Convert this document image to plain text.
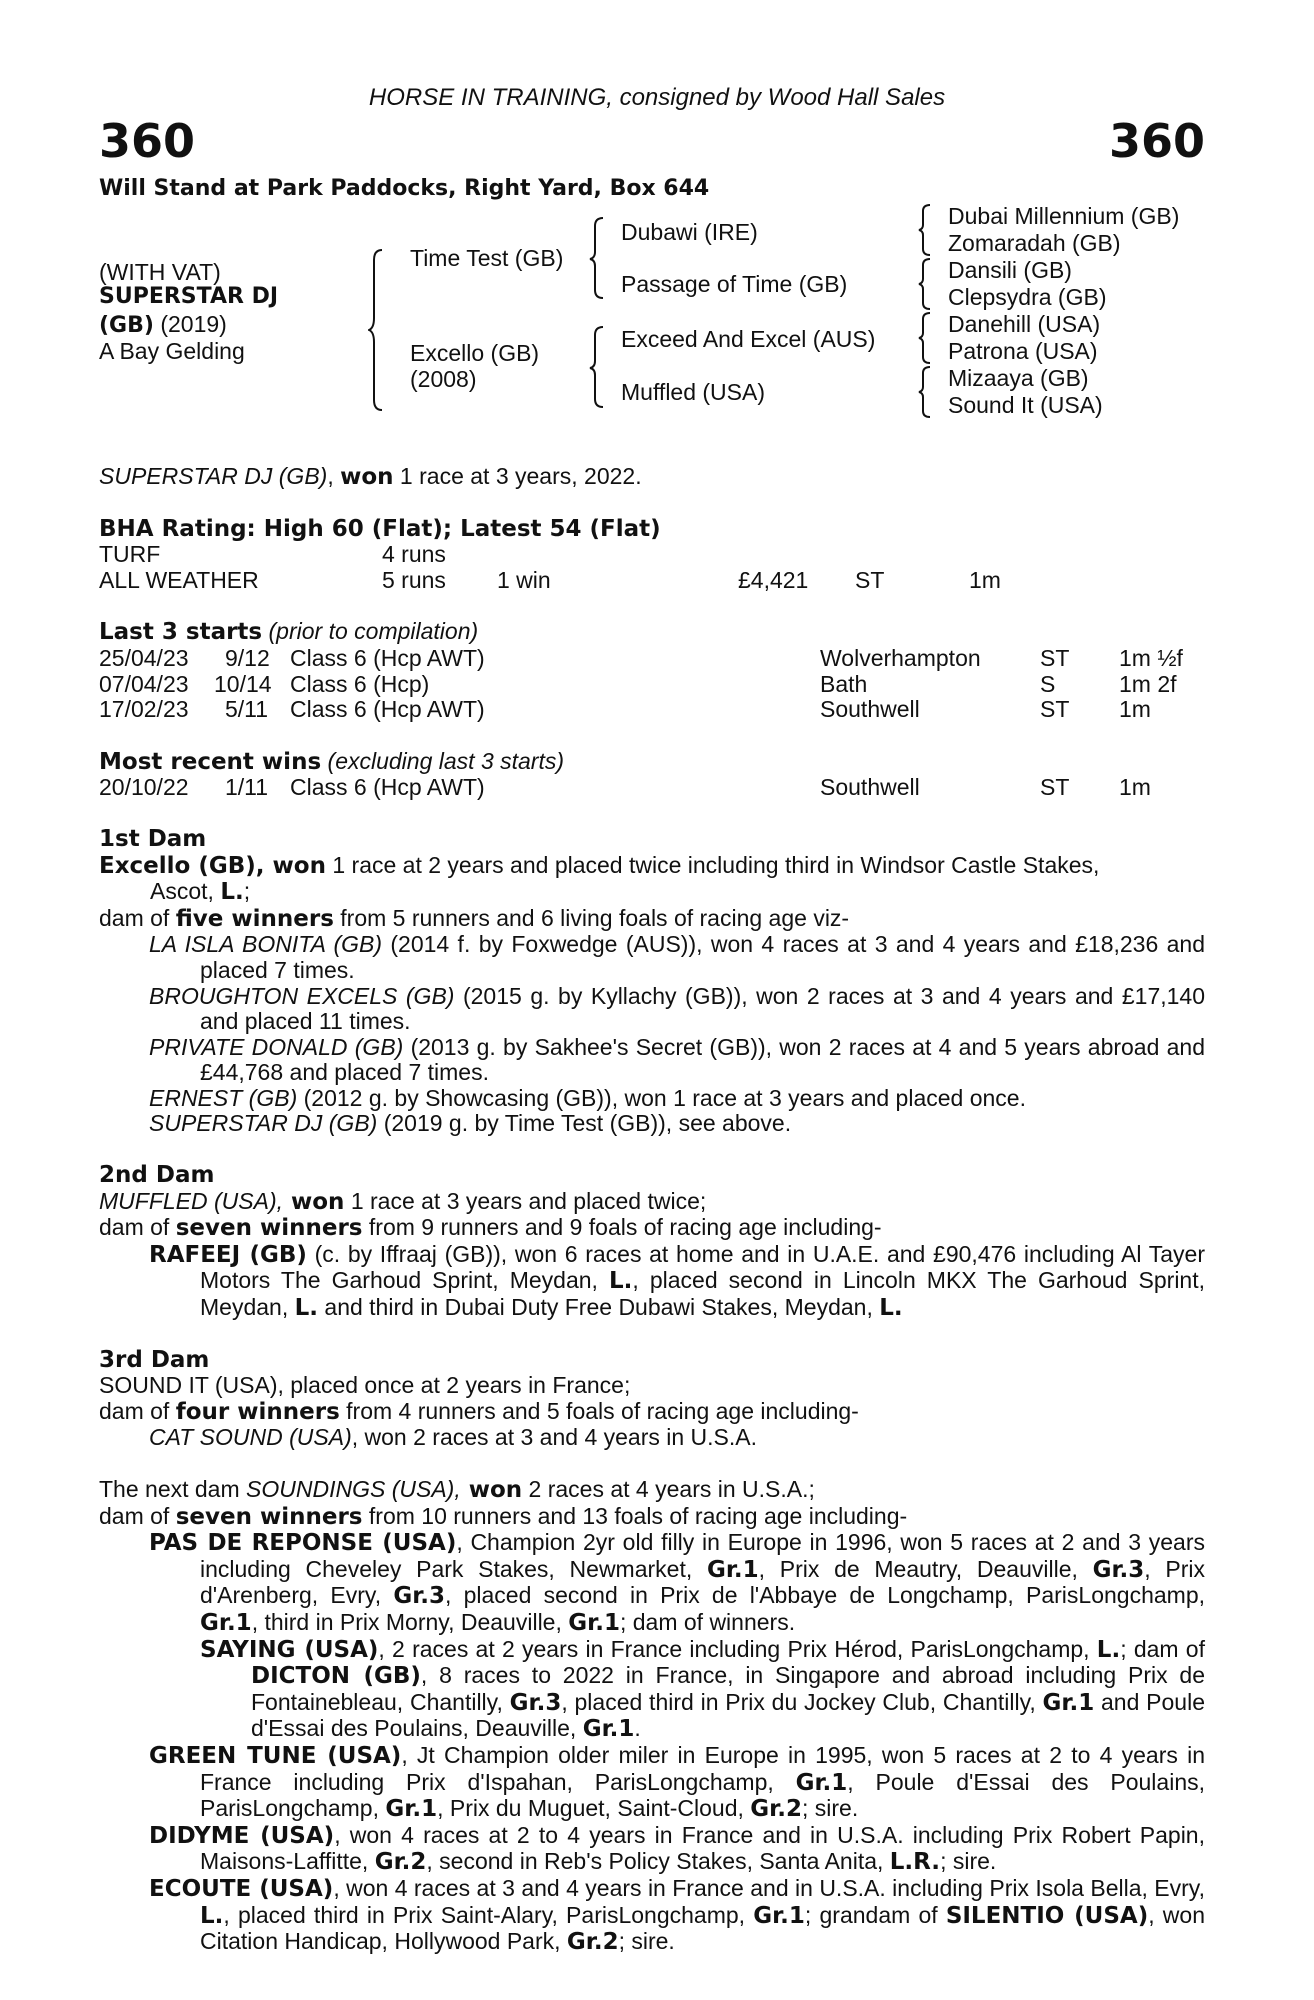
HORSE IN TRAINING, consigned by Wood Hall Sales
360	360
Will Stand at Park Paddocks, Right Yard, Box 644
(WITH VAT)
SUPERSTAR DJ
(GB) (2019)
A Bay Gelding
Time Test (GB)
Excello (GB)
(2008)
Dubawi (IRE)
Passage of Time (GB)
Exceed And Excel (AUS)
Muffled (USA)
Dubai Millennium (GB)
Zomaradah (GB)
Dansili (GB)
Clepsydra (GB)
Danehill (USA)
Patrona (USA)
Mizaaya (GB)
Sound It (USA)

SUPERSTAR DJ (GB), won 1 race at 3 years, 2022.

BHA Rating: High 60 (Flat); Latest 54 (Flat)

TURF	4 runs
ALL WEATHER	5 runs 1 win	£4,421 ST	1m

Last 3 starts (prior to compilation)

25/04/23 9/12 Class 6 (Hcp AWT)	Wolverhampton	ST 1m ½f
07/04/23 10/14 Class 6 (Hcp)	Bath	S	1m 2f
17/02/23 5/11 Class 6 (Hcp AWT)	Southwell	ST 1m

Most recent wins (excluding last 3 starts)

20/10/22 1/11 Class 6 (Hcp AWT)	Southwell	ST 1m

1st Dam

Excello (GB), won 1 race at 2 years and placed twice including third in Windsor Castle Stakes,

Ascot, L.;

dam of five winners from 5 runners and 6 living foals of racing age viz-

LA ISLA BONITA (GB) (2014 f. by Foxwedge (AUS)), won 4 races at 3 and 4 years and £18,236 and placed 7 times.

BROUGHTON EXCELS (GB) (2015 g. by Kyllachy (GB)), won 2 races at 3 and 4 years and £17,140 and placed 11 times.

PRIVATE DONALD (GB) (2013 g. by Sakhee's Secret (GB)), won 2 races at 4 and 5 years abroad and £44,768 and placed 7 times.

ERNEST (GB) (2012 g. by Showcasing (GB)), won 1 race at 3 years and placed once.

SUPERSTAR DJ (GB) (2019 g. by Time Test (GB)), see above.

2nd Dam

MUFFLED (USA), won 1 race at 3 years and placed twice;

dam of seven winners from 9 runners and 9 foals of racing age including-

RAFEEJ (GB) (c. by Iffraaj (GB)), won 6 races at home and in U.A.E. and £90,476 including Al Tayer Motors The Garhoud Sprint, Meydan, L., placed second in Lincoln MKX The Garhoud Sprint, Meydan, L. and third in Dubai Duty Free Dubawi Stakes, Meydan, L.

3rd Dam

SOUND IT (USA), placed once at 2 years in France;

dam of four winners from 4 runners and 5 foals of racing age including-

CAT SOUND (USA), won 2 races at 3 and 4 years in U.S.A.

The next dam SOUNDINGS (USA), won 2 races at 4 years in U.S.A.;

dam of seven winners from 10 runners and 13 foals of racing age including-

PAS DE REPONSE (USA), Champion 2yr old filly in Europe in 1996, won 5 races at 2 and 3 years including Cheveley Park Stakes, Newmarket, Gr.1, Prix de Meautry, Deauville, Gr.3, Prix d'Arenberg, Evry, Gr.3, placed second in Prix de l'Abbaye de Longchamp, ParisLongchamp, Gr.1, third in Prix Morny, Deauville, Gr.1; dam of winners.

SAYING (USA), 2 races at 2 years in France including Prix Hérod, ParisLongchamp, L.; dam of DICTON (GB), 8 races to 2022 in France, in Singapore and abroad including Prix de Fontainebleau, Chantilly, Gr.3, placed third in Prix du Jockey Club, Chantilly, Gr.1 and Poule d'Essai des Poulains, Deauville, Gr.1.

GREEN TUNE (USA), Jt Champion older miler in Europe in 1995, won 5 races at 2 to 4 years in France including Prix d'Ispahan, ParisLongchamp, Gr.1, Poule d'Essai des Poulains, ParisLongchamp, Gr.1, Prix du Muguet, Saint-Cloud, Gr.2; sire.

DIDYME (USA), won 4 races at 2 to 4 years in France and in U.S.A. including Prix Robert Papin, Maisons-Laffitte, Gr.2, second in Reb's Policy Stakes, Santa Anita, L.R.; sire.

ECOUTE (USA), won 4 races at 3 and 4 years in France and in U.S.A. including Prix Isola Bella, Evry, L., placed third in Prix Saint-Alary, ParisLongchamp, Gr.1; grandam of SILENTIO (USA), won Citation Handicap, Hollywood Park, Gr.2; sire.
